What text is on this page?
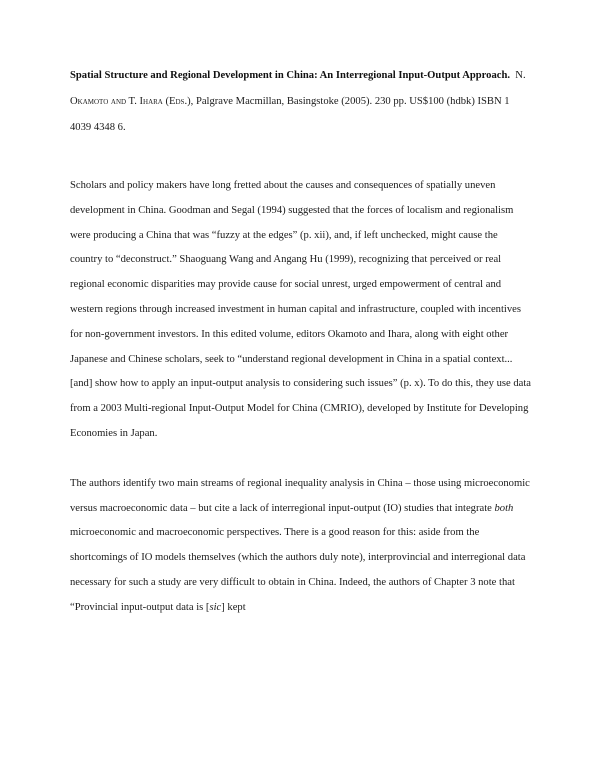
Spatial Structure and Regional Development in China: An Interregional Input-Output Approach. N. Okamoto and T. Ihara (Eds.), Palgrave Macmillan, Basingstoke (2005). 230 pp. US$100 (hdbk) ISBN 1 4039 4348 6.

Scholars and policy makers have long fretted about the causes and consequences of spatially uneven development in China. Goodman and Segal (1994) suggested that the forces of localism and regionalism were producing a China that was “fuzzy at the edges” (p. xii), and, if left unchecked, might cause the country to “deconstruct.” Shaoguang Wang and Angang Hu (1999), recognizing that perceived or real regional economic disparities may provide cause for social unrest, urged empowerment of central and western regions through increased investment in human capital and infrastructure, coupled with incentives for non-government investors. In this edited volume, editors Okamoto and Ihara, along with eight other Japanese and Chinese scholars, seek to “understand regional development in China in a spatial context...[and] show how to apply an input-output analysis to considering such issues” (p. x). To do this, they use data from a 2003 Multi-regional Input-Output Model for China (CMRIO), developed by Institute for Developing Economies in Japan.

The authors identify two main streams of regional inequality analysis in China – those using microeconomic versus macroeconomic data – but cite a lack of interregional input-output (IO) studies that integrate both microeconomic and macroeconomic perspectives. There is a good reason for this: aside from the shortcomings of IO models themselves (which the authors duly note), interprovincial and interregional data necessary for such a study are very difficult to obtain in China. Indeed, the authors of Chapter 3 note that “Provincial input-output data is [sic] kept
